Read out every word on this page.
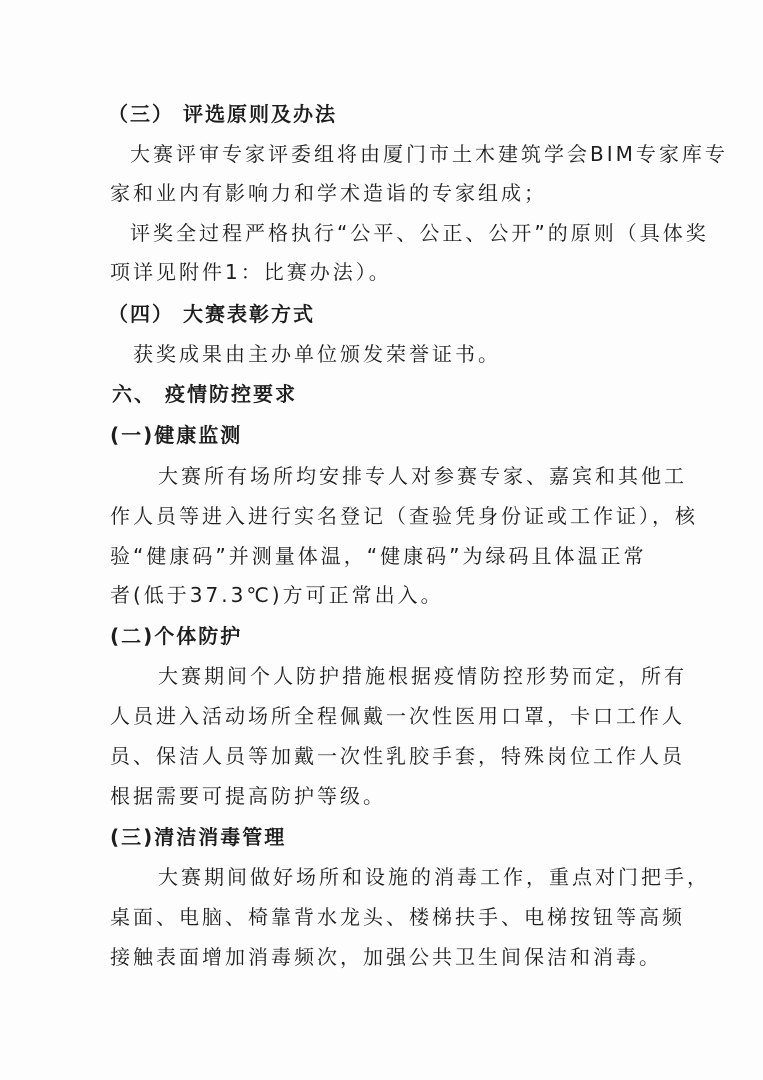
（三） 评选原则及办法
大赛评审专家评委组将由厦门市土木建筑学会BIM专家库专
家和业内有影响力和学术造诣的专家组成；
评奖全过程严格执行“公平、公正、公开”的原则（具体奖
项详见附件1：比赛办法）。
（四） 大赛表彰方式
获奖成果由主办单位颁发荣誉证书。
六、 疫情防控要求
(一)健康监测
大赛所有场所均安排专人对参赛专家、嘉宾和其他工
作人员等进入进行实名登记（查验凭身份证或工作证），核
验“健康码”并测量体温，“健康码”为绿码且体温正常
者(低于37.3℃)方可正常出入。
(二)个体防护
大赛期间个人防护措施根据疫情防控形势而定，所有
人员进入活动场所全程佩戴一次性医用口罩，卡口工作人
员、保洁人员等加戴一次性乳胶手套，特殊岗位工作人员
根据需要可提高防护等级。
(三)清洁消毒管理
大赛期间做好场所和设施的消毒工作，重点对门把手，
桌面、电脑、椅靠背水龙头、楼梯扶手、电梯按钮等高频
接触表面增加消毒频次，加强公共卫生间保洁和消毒。
